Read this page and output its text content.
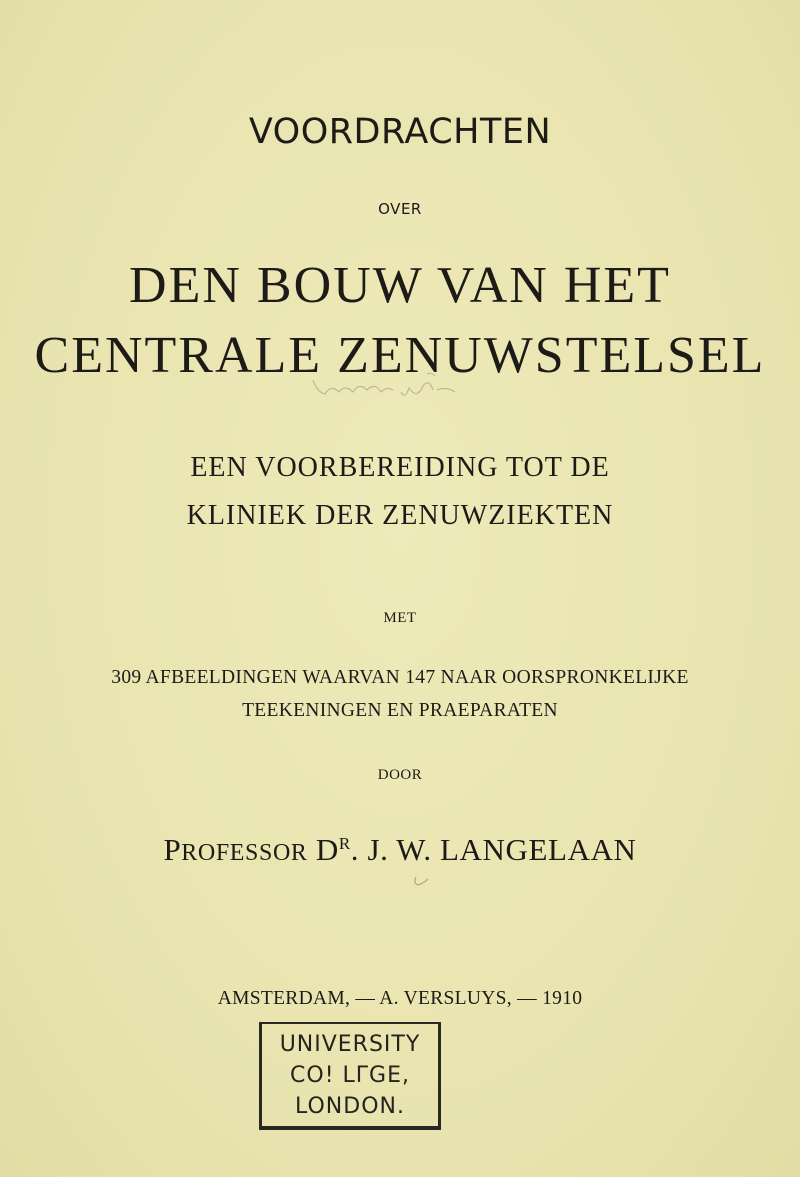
VOORDRACHTEN
OVER
DEN BOUW VAN HET
CENTRALE ZENUWSTELSEL
EEN VOORBEREIDING TOT DE
KLINIEK DER ZENUWZIEKTEN
MET
309 AFBEELDINGEN WAARVAN 147 NAAR OORSPRONKELIJKE
TEEKENINGEN EN PRAEPARATEN
DOOR
PROFESSOR $D^R$. J. W. LANGELAAN
AMSTERDAM, — A. VERSLUYS, — 1910
UNIVERSITY
CO! LΓGE,
LONDON.
